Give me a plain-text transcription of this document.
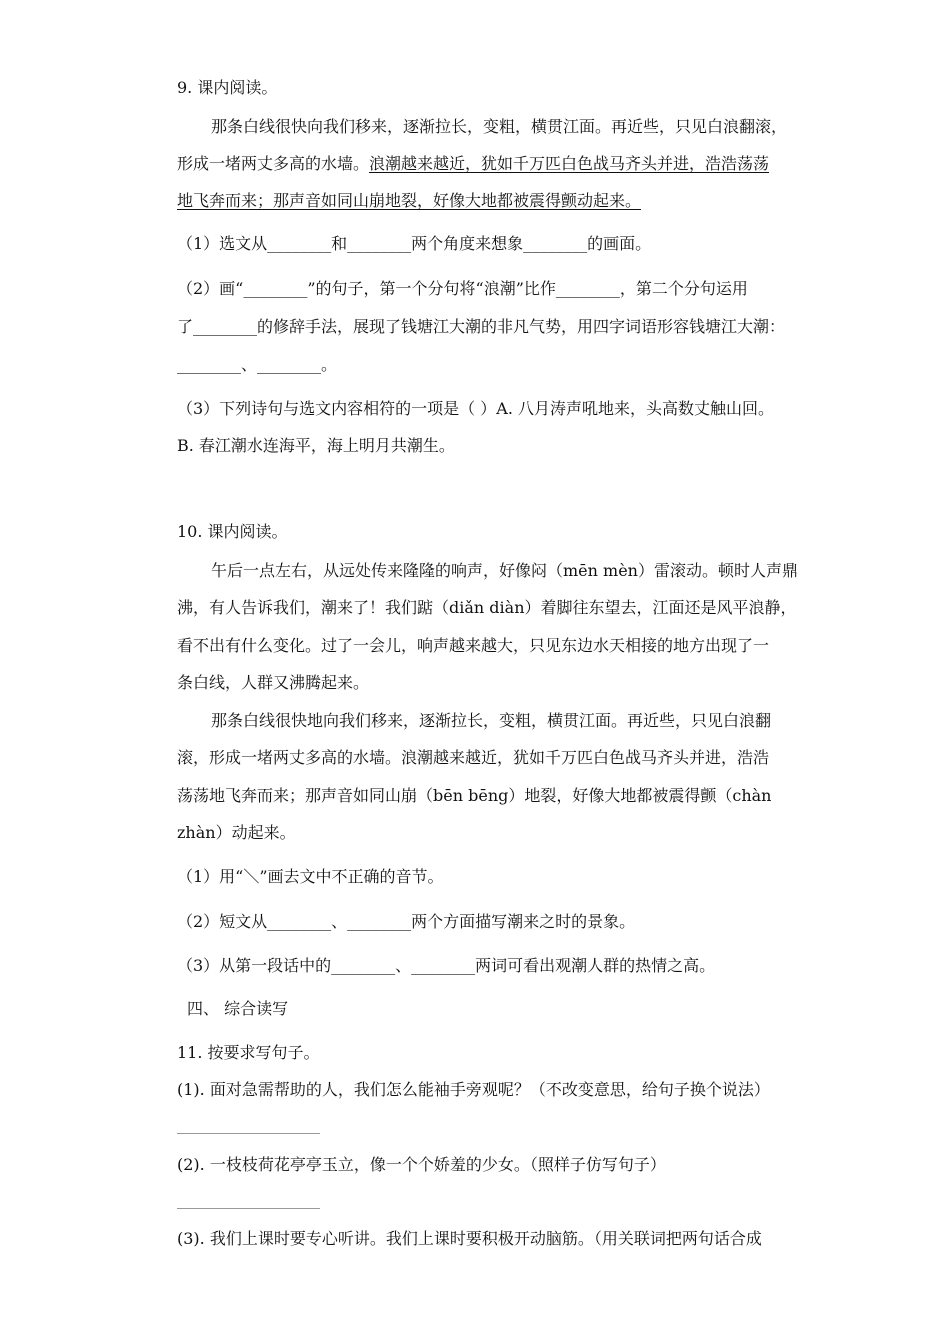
9. 课内阅读。
那条白线很快向我们移来，逐渐拉长，变粗，横贯江面。再近些，只见白浪翻滚，
形成一堵两丈多高的水墙。浪潮越来越近，犹如千万匹白色战马齐头并进，浩浩荡荡
地飞奔而来；那声音如同山崩地裂，好像大地都被震得颤动起来。
（1）选文从________和________两个角度来想象________的画面。
（2）画“________”的句子，第一个分句将“浪潮”比作________，第二个分句运用
了________的修辞手法，展现了钱塘江大潮的非凡气势，用四字词语形容钱塘江大潮：
________、________。
（3）下列诗句与选文内容相符的一项是（ ）A. 八月涛声吼地来，头高数丈触山回。
B. 春江潮水连海平，海上明月共潮生。
10. 课内阅读。
午后一点左右，从远处传来隆隆的响声，好像闷（mēn mèn）雷滚动。顿时人声鼎
沸，有人告诉我们，潮来了！我们踮（diǎn diàn）着脚往东望去，江面还是风平浪静，
看不出有什么变化。过了一会儿，响声越来越大，只见东边水天相接的地方出现了一
条白线，人群又沸腾起来。
那条白线很快地向我们移来，逐渐拉长，变粗，横贯江面。再近些，只见白浪翻
滚，形成一堵两丈多高的水墙。浪潮越来越近，犹如千万匹白色战马齐头并进，浩浩
荡荡地飞奔而来；那声音如同山崩（bēn bēng）地裂，好像大地都被震得颤（chàn
zhàn）动起来。
（1）用“＼”画去文中不正确的音节。
（2）短文从________、________两个方面描写潮来之时的景象。
（3）从第一段话中的________、________两词可看出观潮人群的热情之高。
四、 综合读写
11. 按要求写句子。
(1). 面对急需帮助的人，我们怎么能袖手旁观呢？（不改变意思，给句子换个说法）
(2). 一枝枝荷花亭亭玉立，像一个个娇羞的少女。（照样子仿写句子）
(3). 我们上课时要专心听讲。我们上课时要积极开动脑筋。（用关联词把两句话合成
